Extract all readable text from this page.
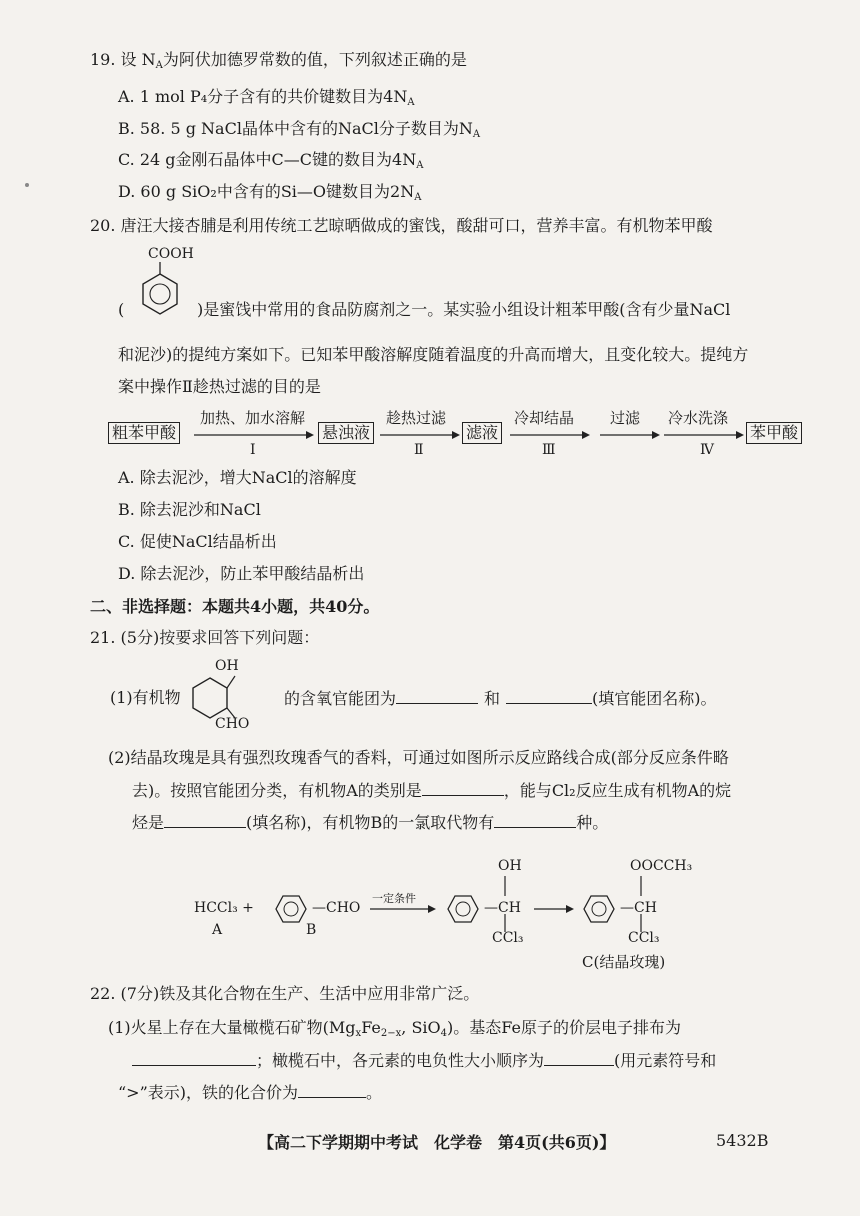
19. 设 $N_A$为阿伏加德罗常数的值，下列叙述正确的是
A. 1 mol P₄分子含有的共价键数目为$4N_A$
B. 58. 5 g NaCl晶体中含有的NaCl分子数目为$N_A$
C. 24 g金刚石晶体中C—C键的数目为$4N_A$
D. 60 g SiO₂中含有的Si—O键数目为$2N_A$
20. 唐汪大接杏脯是利用传统工艺晾晒做成的蜜饯，酸甜可口，营养丰富。有机物苯甲酸
COOH
(	)是蜜饯中常用的食品防腐剂之一。某实验小组设计粗苯甲酸(含有少量NaCl
和泥沙)的提纯方案如下。已知苯甲酸溶解度随着温度的升高而增大，且变化较大。提纯方
案中操作Ⅱ趁热过滤的目的是
粗苯甲酸
加热、加水溶解
Ⅰ
悬浊液
趁热过滤
Ⅱ
滤液
冷却结晶
Ⅲ
过滤 冷水洗涤
Ⅳ
苯甲酸
A. 除去泥沙，增大NaCl的溶解度
B. 除去泥沙和NaCl
C. 促使NaCl结晶析出
D. 除去泥沙，防止苯甲酸结晶析出
二、非选择题：本题共4小题，共40分。
21. (5分)按要求回答下列问题：
OH
CHO
(1)有机物	的含氧官能团为	和	(填官能团名称)。
(2)结晶玫瑰是具有强烈玫瑰香气的香料，可通过如图所示反应路线合成(部分反应条件略
去)。按照官能团分类，有机物A的类别是	，能与Cl₂反应生成有机物A的烷
烃是	(填名称)，有机物B的一氯取代物有	种。
HCCl₃ +
A
—CHO
B
一定条件
OH
—CH
CCl₃
OOCCH₃
—CH
CCl₃
C(结晶玫瑰)
22. (7分)铁及其化合物在生产、生活中应用非常广泛。
(1)火星上存在大量橄榄石矿物($Mg_xFe_{2-x}$, SiO$_4$)。基态Fe原子的价层电子排布为
；橄榄石中，各元素的电负性大小顺序为	(用元素符号和
“>”表示)，铁的化合价为	。
【高二下学期期中考试　化学卷　第4页(共6页)】	5432B
